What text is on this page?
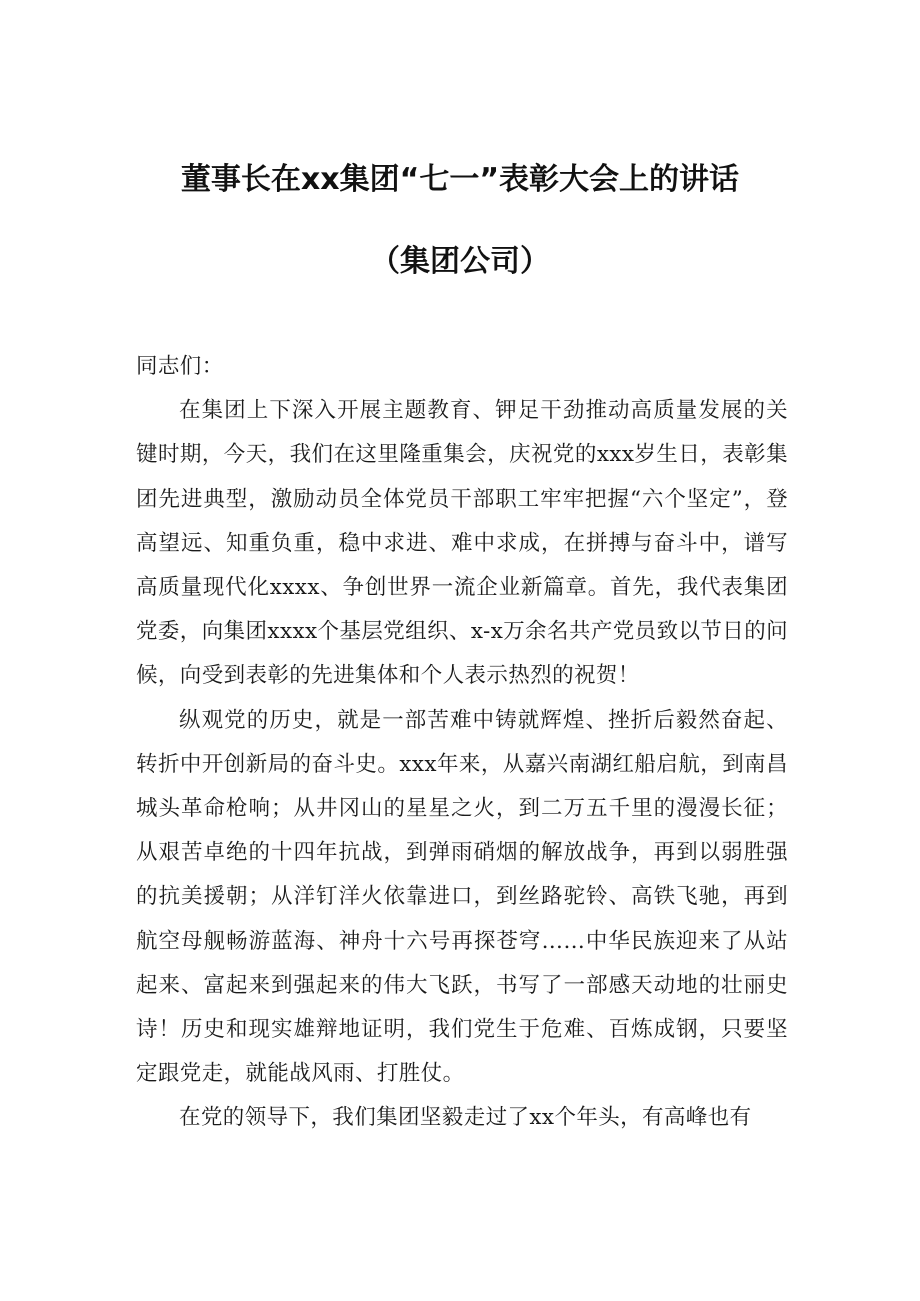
董事长在xx集团“七一”表彰大会上的讲话
（集团公司）

同志们：

在集团上下深入开展主题教育、钾足干劲推动高质量发展的关键时期，今天，我们在这里隆重集会，庆祝党的xxx岁生日，表彰集团先进典型，激励动员全体党员干部职工牢牢把握“六个坚定”，登高望远、知重负重，稳中求进、难中求成，在拼搏与奋斗中，谱写高质量现代化xxxx、争创世界一流企业新篇章。首先，我代表集团党委，向集团xxxx个基层党组织、x-x万余名共产党员致以节日的问候，向受到表彰的先进集体和个人表示热烈的祝贺！

纵观党的历史，就是一部苦难中铸就辉煌、挫折后毅然奋起、转折中开创新局的奋斗史。xxx年来，从嘉兴南湖红船启航，到南昌城头革命枪响；从井冈山的星星之火，到二万五千里的漫漫长征；从艰苦卓绝的十四年抗战，到弹雨硝烟的解放战争，再到以弱胜强的抗美援朝；从洋钉洋火依靠进口，到丝路驼铃、高铁飞驰，再到航空母舰畅游蓝海、神舟十六号再探苍穹……中华民族迎来了从站起来、富起来到强起来的伟大飞跃，书写了一部感天动地的壮丽史诗！历史和现实雄辩地证明，我们党生于危难、百炼成钢，只要坚定跟党走，就能战风雨、打胜仗。

在党的领导下，我们集团坚毅走过了xx个年头，有高峰也有
